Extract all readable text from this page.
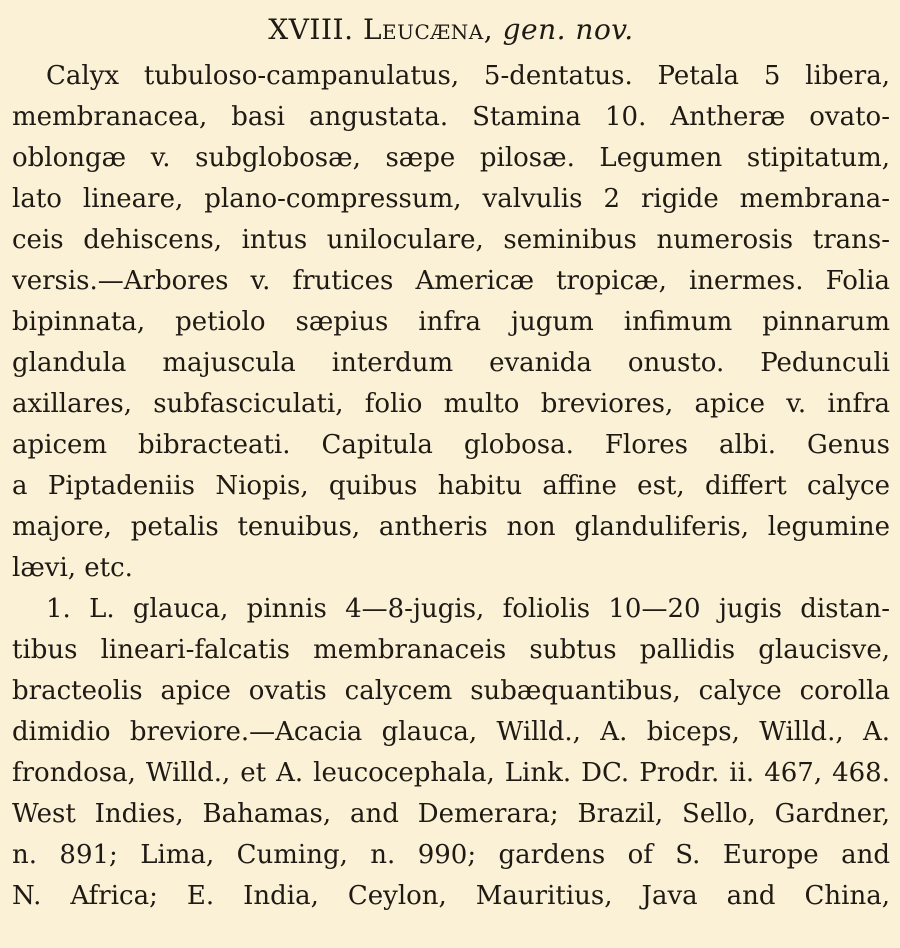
XVIII. Leucæna, gen. nov.
Calyx tubuloso-campanulatus, 5-dentatus. Petala 5 libera,
membranacea, basi angustata. Stamina 10. Antheræ ovato-
oblongæ v. subglobosæ, sæpe pilosæ. Legumen stipitatum,
lato lineare, plano-compressum, valvulis 2 rigide membrana-
ceis dehiscens, intus uniloculare, seminibus numerosis trans-
versis.—Arbores v. frutices Americæ tropicæ, inermes. Folia
bipinnata, petiolo sæpius infra jugum infimum pinnarum
glandula majuscula interdum evanida onusto. Pedunculi
axillares, subfasciculati, folio multo breviores, apice v. infra
apicem bibracteati. Capitula globosa. Flores albi. Genus
a Piptadeniis Niopis, quibus habitu affine est, differt calyce
majore, petalis tenuibus, antheris non glanduliferis, legumine
lævi, etc.
1. L. glauca, pinnis 4—8-jugis, foliolis 10—20 jugis distan-
tibus lineari-falcatis membranaceis subtus pallidis glaucisve,
bracteolis apice ovatis calycem subæquantibus, calyce corolla
dimidio breviore.—Acacia glauca, Willd., A. biceps, Willd., A.
frondosa, Willd., et A. leucocephala, Link. DC. Prodr. ii. 467, 468.
West Indies, Bahamas, and Demerara; Brazil, Sello, Gardner,
n. 891; Lima, Cuming, n. 990; gardens of S. Europe and
N. Africa; E. India, Ceylon, Mauritius, Java and China,
